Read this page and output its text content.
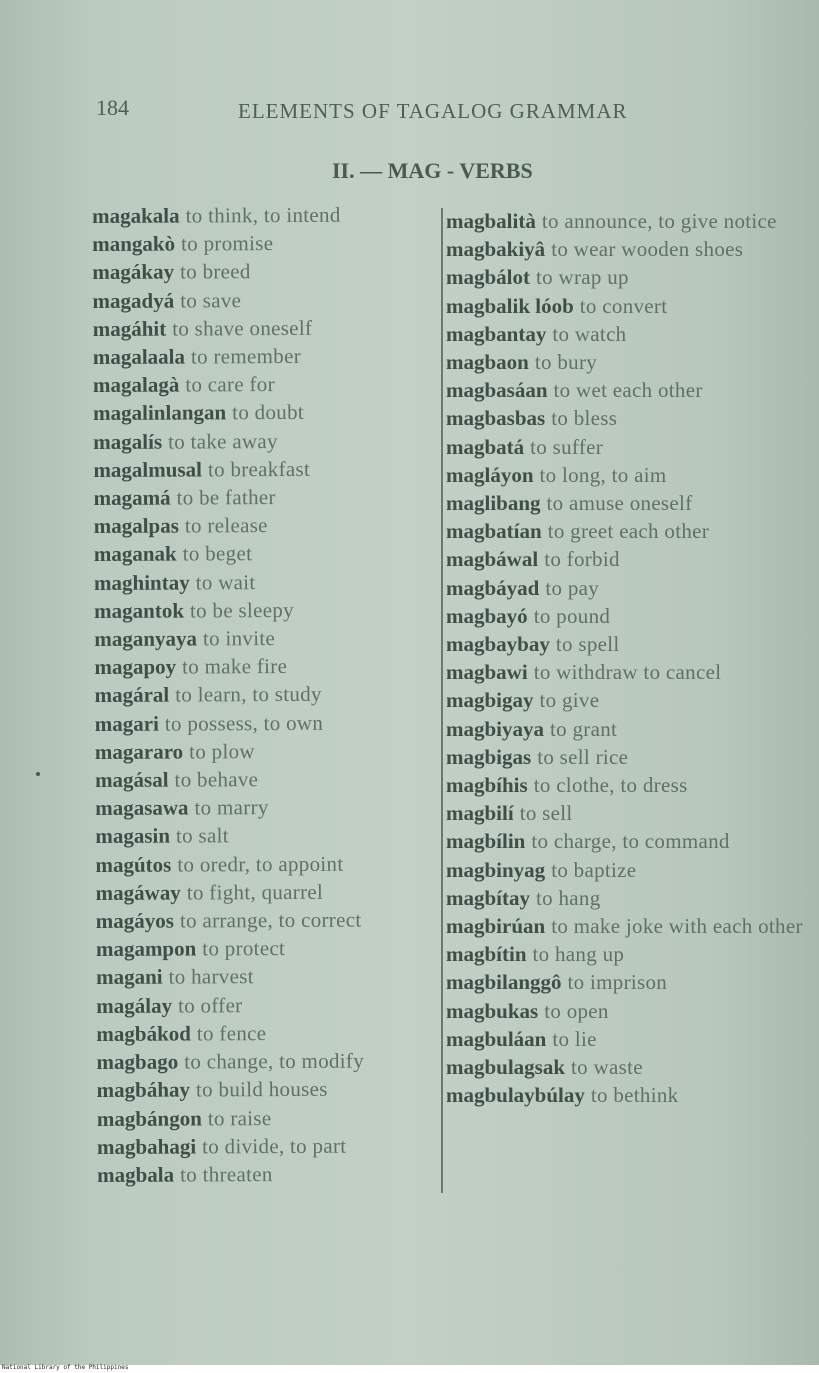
184	ELEMENTS OF TAGALOG GRAMMAR
II. — MAG - VERBS
magakala to think, to intend
mangakò to promise
magákay to breed
magadyá to save
magáhit to shave oneself
magalaala to remember
magalagà to care for
magalinlangan to doubt
magalís to take away
magalmusal to breakfast
magamá to be father
magalpas to release
maganak to beget
maghintay to wait
magantok to be sleepy
maganyaya to invite
magapoy to make fire
magáral to learn, to study
magari to possess, to own
magararo to plow
magásal to behave
magasawa to marry
magasin to salt
magútos to oredr, to appoint
magáway to fight, quarrel
magáyos to arrange, to correct
magampon to protect
magani to harvest
magálay to offer
magbákod to fence
magbago to change, to modify
magbáhay to build houses
magbángon to raise
magbahagi to divide, to part
magbala to threaten
magbalità to announce, to give notice
magbakiyâ to wear wooden shoes
magbálot to wrap up
magbalik lóob to convert
magbantay to watch
magbaon to bury
magbasáan to wet each other
magbasbas to bless
magbatá to suffer
magláyon to long, to aim
maglibang to amuse oneself
magbatían to greet each other
magbáwal to forbid
magbáyad to pay
magbayó to pound
magbaybay to spell
magbawi to withdraw to cancel
magbigay to give
magbiyaya to grant
magbigas to sell rice
magbíhis to clothe, to dress
magbilí to sell
magbílin to charge, to command
magbinyag to baptize
magbítay to hang
magbirúan to make joke with each other
magbítin to hang up
magbilanggô to imprison
magbukas to open
magbuláan to lie
magbulagsak to waste
magbulaybúlay to bethink
National Library of the Philippines
